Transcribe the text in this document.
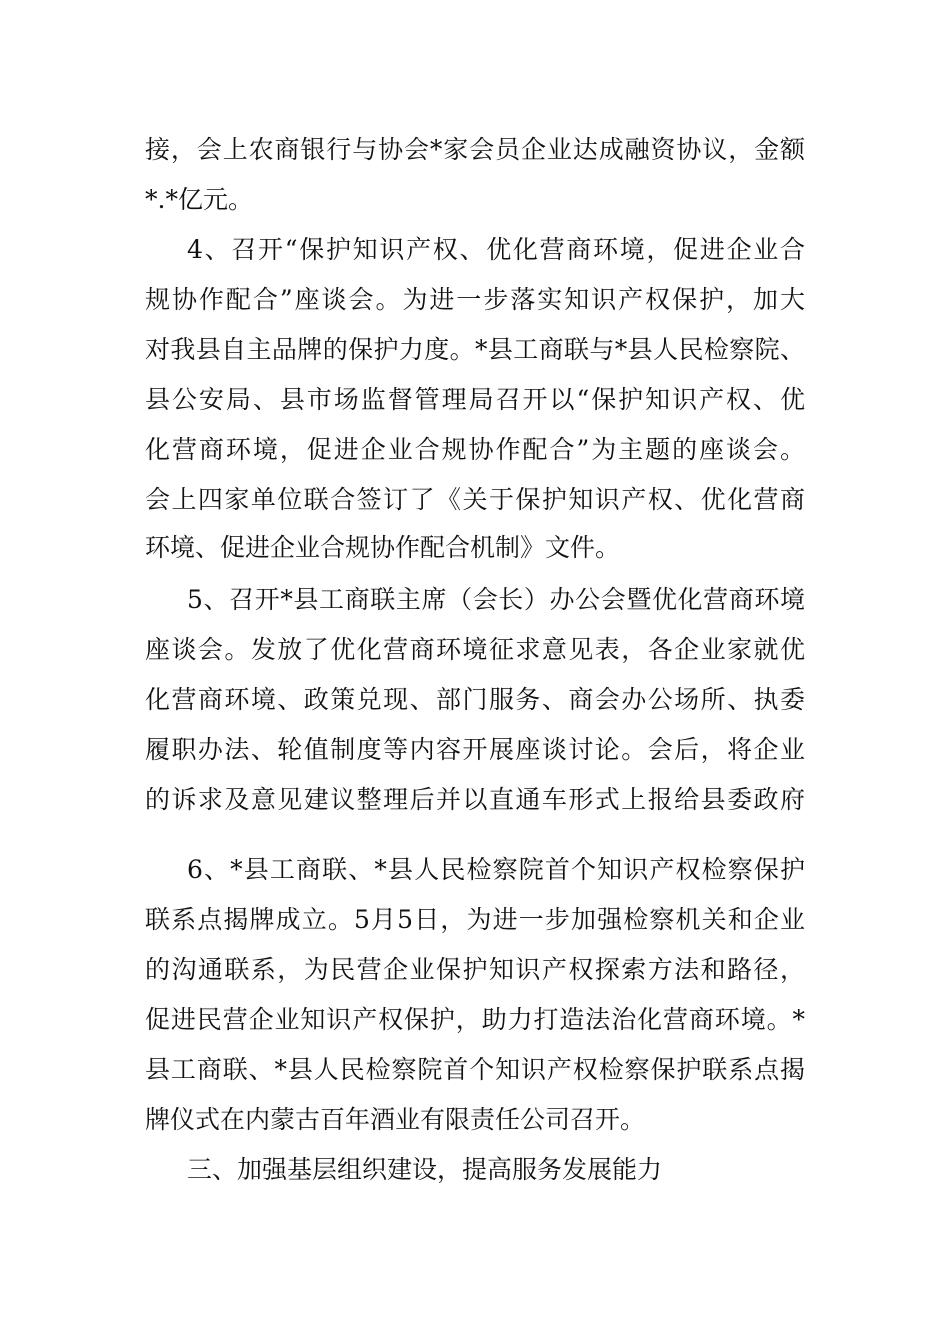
接，会上农商银行与协会*家会员企业达成融资协议，金额
*.*亿元。
4、召开“保护知识产权、优化营商环境，促进企业合
规协作配合”座谈会。为进一步落实知识产权保护，加大
对我县自主品牌的保护力度。*县工商联与*县人民检察院、
县公安局、县市场监督管理局召开以“保护知识产权、优
化营商环境，促进企业合规协作配合”为主题的座谈会。
会上四家单位联合签订了《关于保护知识产权、优化营商
环境、促进企业合规协作配合机制》文件。
5、召开*县工商联主席（会长）办公会暨优化营商环境
座谈会。发放了优化营商环境征求意见表，各企业家就优
化营商环境、政策兑现、部门服务、商会办公场所、执委
履职办法、轮值制度等内容开展座谈讨论。会后，将企业
的诉求及意见建议整理后并以直通车形式上报给县委政府
6、*县工商联、*县人民检察院首个知识产权检察保护
联系点揭牌成立。5月5日，为进一步加强检察机关和企业
的沟通联系，为民营企业保护知识产权探索方法和路径，
促进民营企业知识产权保护，助力打造法治化营商环境。*
县工商联、*县人民检察院首个知识产权检察保护联系点揭
牌仪式在内蒙古百年酒业有限责任公司召开。
三、加强基层组织建设，提高服务发展能力
